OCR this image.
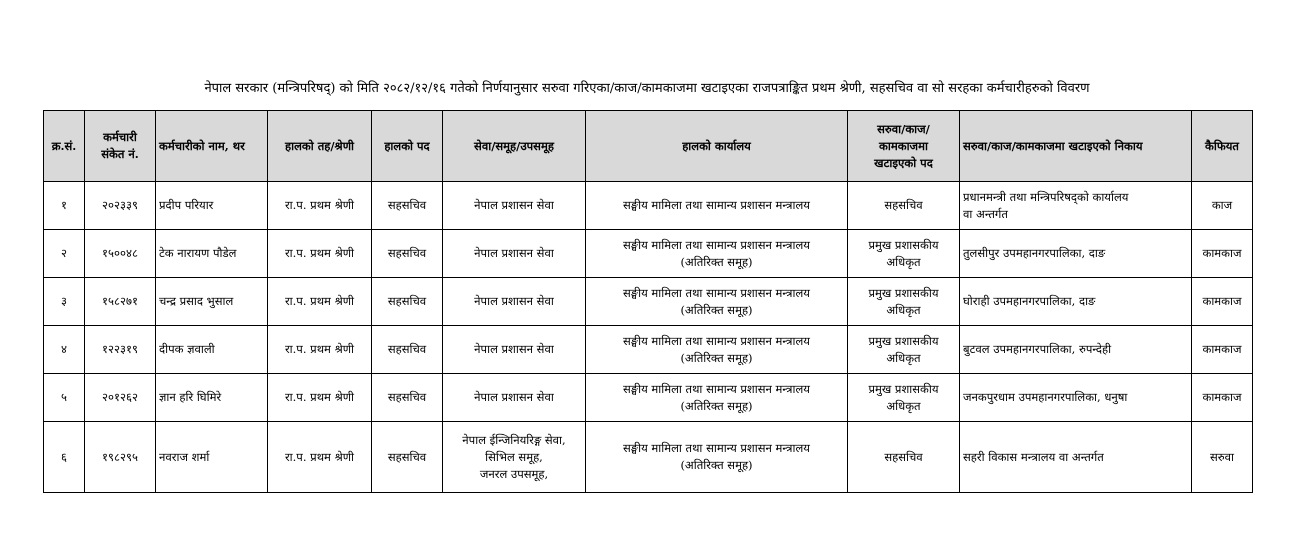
नेपाल सरकार (मन्त्रिपरिषद्) को मिति २०८२/१२/१६ गतेको निर्णयानुसार सरुवा गरिएका/काज/कामकाजमा खटाइएका राजपत्राङ्कित प्रथम श्रेणी, सहसचिव वा सो सरहका कर्मचारीहरुको विवरण
क्र.सं.	कर्मचारी
संकेत नं.	कर्मचारीको नाम, थर	हालको तह/श्रेणी	हालको पद	सेवा/समूह/उपसमूह	हालको कार्यालय	सरुवा/काज/
कामकाजमा
खटाइएको पद	सरुवा/काज/कामकाजमा खटाइएको निकाय	कैफियत
१	२०२३३९	प्रदीप परियार	रा.प. प्रथम श्रेणी	सहसचिव	नेपाल प्रशासन सेवा	सङ्घीय मामिला तथा सामान्य प्रशासन मन्त्रालय	सहसचिव	प्रधानमन्त्री तथा मन्त्रिपरिषद्को कार्यालय
वा अन्तर्गत	काज
२	१५००४८	टेक नारायण पौडेल	रा.प. प्रथम श्रेणी	सहसचिव	नेपाल प्रशासन सेवा	सङ्घीय मामिला तथा सामान्य प्रशासन मन्त्रालय
(अतिरिक्त समूह)	प्रमुख प्रशासकीय
अधिकृत	तुलसीपुर उपमहानगरपालिका, दाङ	कामकाज
३	१५८२७१	चन्द्र प्रसाद भुसाल	रा.प. प्रथम श्रेणी	सहसचिव	नेपाल प्रशासन सेवा	सङ्घीय मामिला तथा सामान्य प्रशासन मन्त्रालय
(अतिरिक्त समूह)	प्रमुख प्रशासकीय
अधिकृत	घोराही उपमहानगरपालिका, दाङ	कामकाज
४	१२२३१९	दीपक ज्ञवाली	रा.प. प्रथम श्रेणी	सहसचिव	नेपाल प्रशासन सेवा	सङ्घीय मामिला तथा सामान्य प्रशासन मन्त्रालय
(अतिरिक्त समूह)	प्रमुख प्रशासकीय
अधिकृत	बुटवल उपमहानगरपालिका, रुपन्देही	कामकाज
५	२०१२६२	ज्ञान हरि घिमिरे	रा.प. प्रथम श्रेणी	सहसचिव	नेपाल प्रशासन सेवा	सङ्घीय मामिला तथा सामान्य प्रशासन मन्त्रालय
(अतिरिक्त समूह)	प्रमुख प्रशासकीय
अधिकृत	जनकपुरधाम उपमहानगरपालिका, धनुषा	कामकाज
६	१९८२९५	नवराज शर्मा	रा.प. प्रथम श्रेणी	सहसचिव	नेपाल ईन्जिनियरिङ्ग सेवा,
सिभिल समूह,
जनरल उपसमूह,	सङ्घीय मामिला तथा सामान्य प्रशासन मन्त्रालय
(अतिरिक्त समूह)	सहसचिव	सहरी विकास मन्त्रालय वा अन्तर्गत	सरुवा
